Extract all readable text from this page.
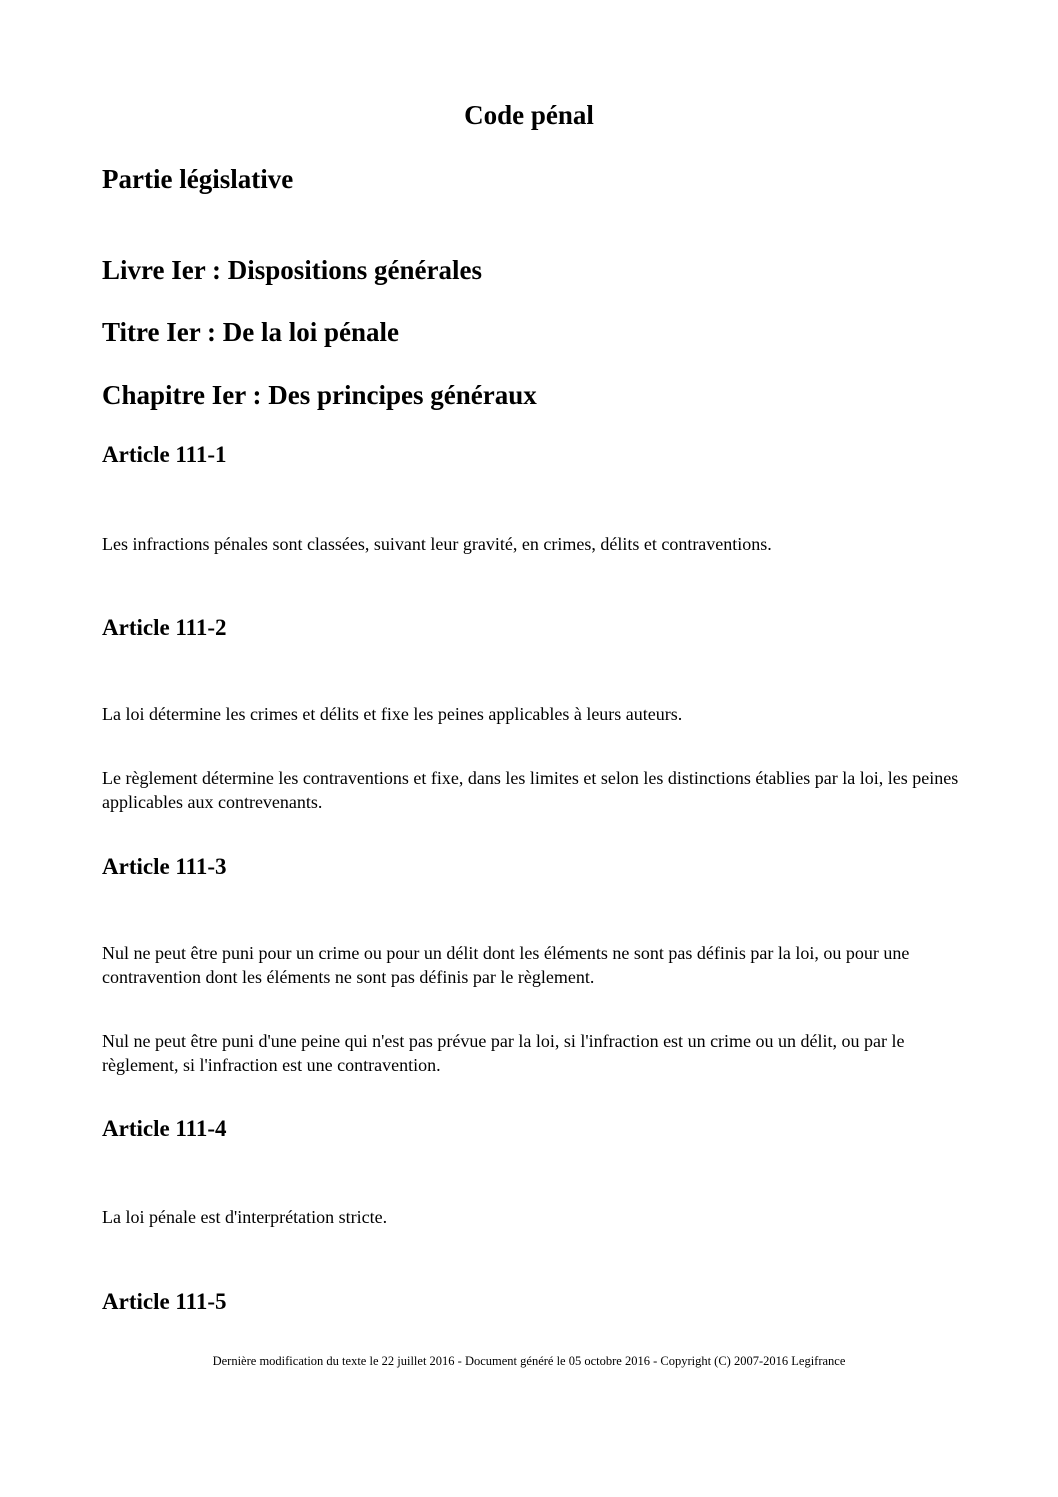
Code pénal
Partie législative
Livre Ier : Dispositions générales
Titre Ier : De la loi pénale
Chapitre Ier : Des principes généraux
Article 111-1

Les infractions pénales sont classées, suivant leur gravité, en crimes, délits et contraventions.

Article 111-2

La loi détermine les crimes et délits et fixe les peines applicables à leurs auteurs.

Le règlement détermine les contraventions et fixe, dans les limites et selon les distinctions établies par la loi, les peines applicables aux contrevenants.

Article 111-3

Nul ne peut être puni pour un crime ou pour un délit dont les éléments ne sont pas définis par la loi, ou pour une contravention dont les éléments ne sont pas définis par le règlement.

Nul ne peut être puni d'une peine qui n'est pas prévue par la loi, si l'infraction est un crime ou un délit, ou par le règlement, si l'infraction est une contravention.

Article 111-4

La loi pénale est d'interprétation stricte.

Article 111-5

Dernière modification du texte le 22 juillet 2016 - Document généré le 05 octobre 2016 - Copyright (C) 2007-2016 Legifrance
